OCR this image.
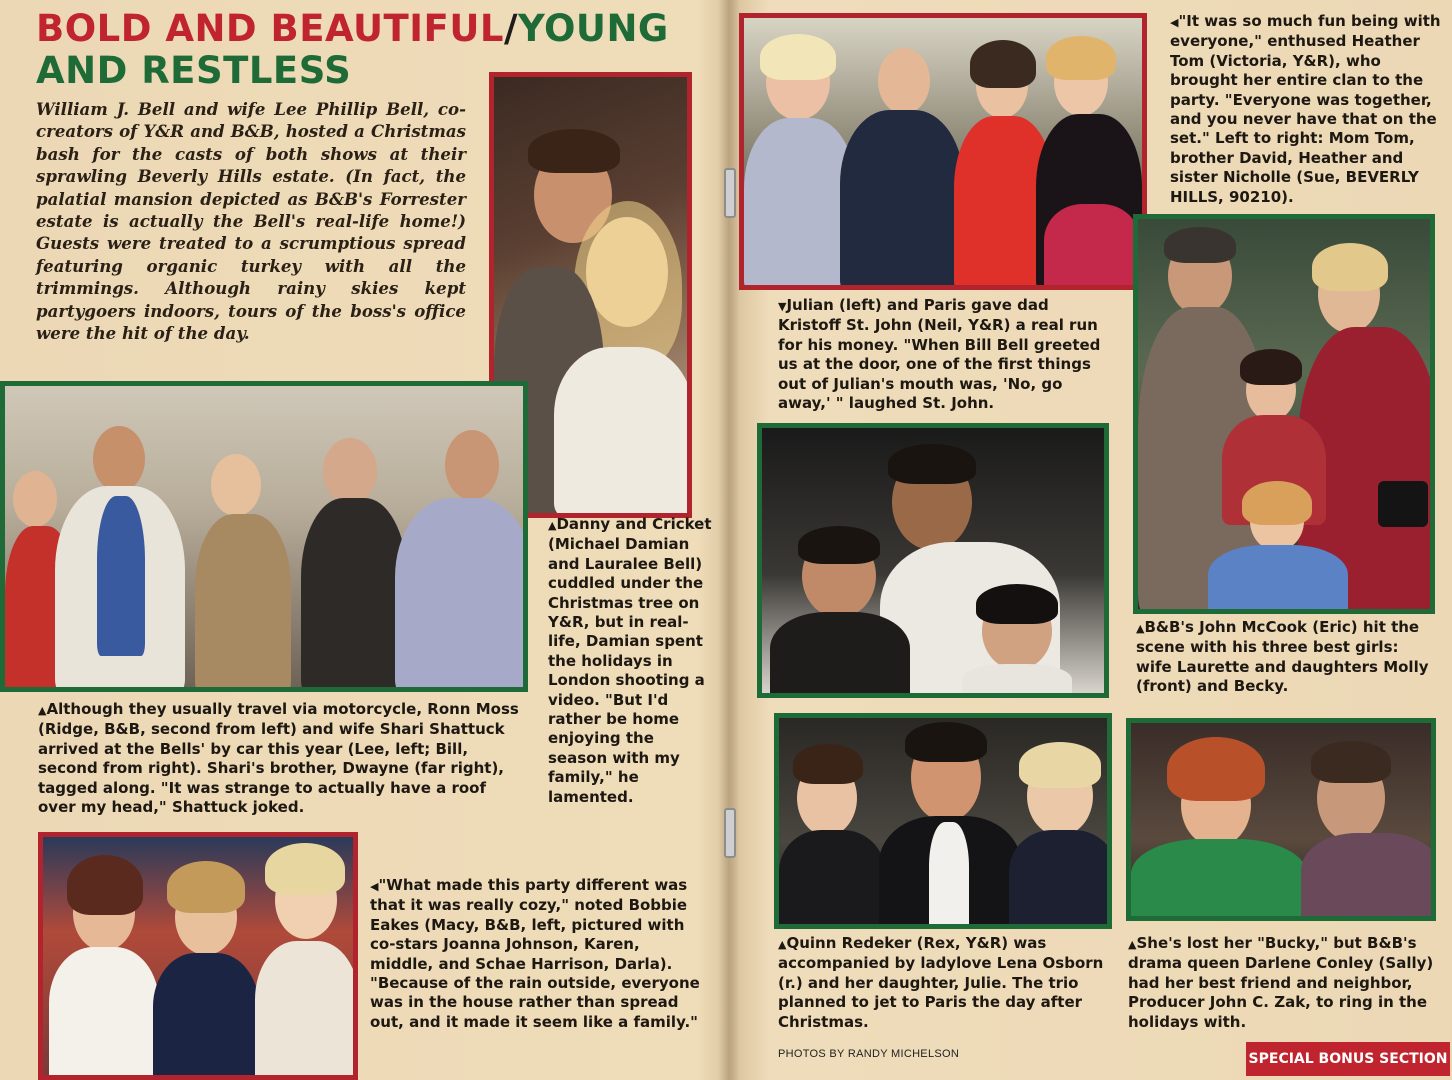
BOLD AND BEAUTIFUL/YOUNG AND RESTLESS
William J. Bell and wife Lee Phillip Bell, co-creators of Y&R and B&B, hosted a Christmas bash for the casts of both shows at their sprawling Beverly Hills estate. (In fact, the palatial mansion depicted as B&B's Forrester estate is actually the Bell's real-life home!) Guests were treated to a scrumptious spread featuring organic turkey with all the trimmings. Although rainy skies kept partygoers indoors, tours of the boss's office were the hit of the day.
▲Although they usually travel via motorcycle, Ronn Moss (Ridge, B&B, second from left) and wife Shari Shattuck arrived at the Bells' by car this year (Lee, left; Bill, second from right). Shari's brother, Dwayne (far right), tagged along. "It was strange to actually have a roof over my head," Shattuck joked.
▲Danny and Cricket (Michael Damian and Lauralee Bell) cuddled under the Christmas tree on Y&R, but in real-life, Damian spent the holidays in London shooting a video. "But I'd rather be home enjoying the season with my family," he lamented.
◀"What made this party different was that it was really cozy," noted Bobbie Eakes (Macy, B&B, left, pictured with co-stars Joanna Johnson, Karen, middle, and Schae Harrison, Darla). "Because of the rain outside, everyone was in the house rather than spread out, and it made it seem like a family."
◀"It was so much fun being with everyone," enthused Heather Tom (Victoria, Y&R), who brought her entire clan to the party. "Everyone was together, and you never have that on the set." Left to right: Mom Tom, brother David, Heather and sister Nicholle (Sue, BEVERLY HILLS, 90210).
▼Julian (left) and Paris gave dad Kristoff St. John (Neil, Y&R) a real run for his money. "When Bill Bell greeted us at the door, one of the first things out of Julian's mouth was, 'No, go away,' " laughed St. John.
▲B&B's John McCook (Eric) hit the scene with his three best girls: wife Laurette and daughters Molly (front) and Becky.
▲Quinn Redeker (Rex, Y&R) was accompanied by ladylove Lena Osborn (r.) and her daughter, Julie. The trio planned to jet to Paris the day after Christmas.
▲She's lost her "Bucky," but B&B's drama queen Darlene Conley (Sally) had her best friend and neighbor, Producer John C. Zak, to ring in the holidays with.
PHOTOS BY RANDY MICHELSON	SPECIAL BONUS SECTION
